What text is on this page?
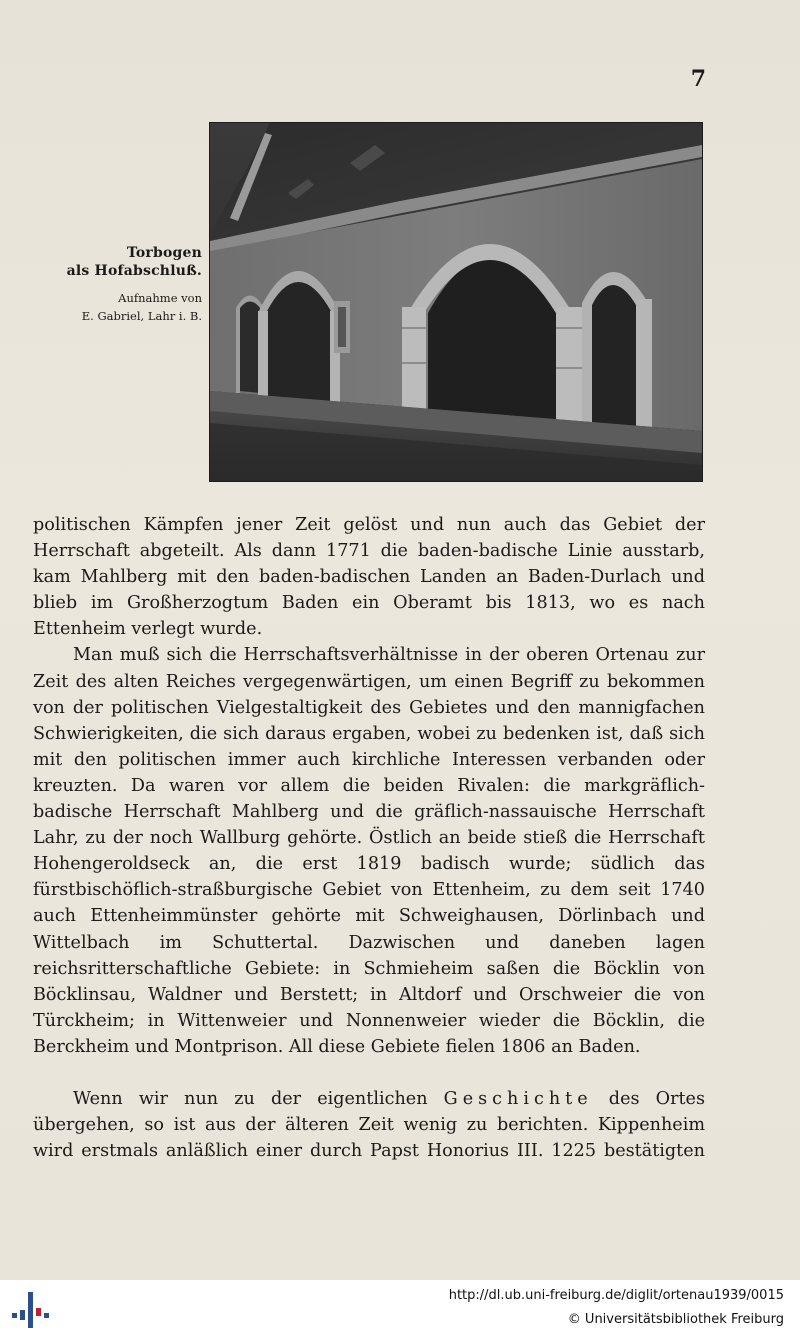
7
Torbogen
als Hofabschluß.
Aufnahme von
E. Gabriel, Lahr i. B.

politischen Kämpfen jener Zeit gelöst und nun auch das Gebiet der Herrschaft abgeteilt. Als dann 1771 die baden-badische Linie ausstarb, kam Mahlberg mit den baden-badischen Landen an Baden-Durlach und blieb im Großherzogtum Baden ein Oberamt bis 1813, wo es nach Ettenheim verlegt wurde.

Man muß sich die Herrschaftsverhältnisse in der oberen Ortenau zur Zeit des alten Reiches vergegenwärtigen, um einen Begriff zu bekommen von der politischen Vielgestaltigkeit des Gebietes und den mannigfachen Schwierigkeiten, die sich daraus ergaben, wobei zu bedenken ist, daß sich mit den politischen immer auch kirchliche Interessen verbanden oder kreuzten. Da waren vor allem die beiden Rivalen: die markgräflich-badische Herrschaft Mahlberg und die gräflich-nassauische Herrschaft Lahr, zu der noch Wallburg gehörte. Östlich an beide stieß die Herrschaft Hohengeroldseck an, die erst 1819 badisch wurde; südlich das fürstbischöflich-straßburgische Gebiet von Ettenheim, zu dem seit 1740 auch Ettenheimmünster gehörte mit Schweighausen, Dörlinbach und Wittelbach im Schuttertal. Dazwischen und daneben lagen reichsritterschaftliche Gebiete: in Schmieheim saßen die Böcklin von Böcklinsau, Waldner und Berstett; in Altdorf und Orschweier die von Türckheim; in Wittenweier und Nonnenweier wieder die Böcklin, die Berckheim und Montprison. All diese Gebiete fielen 1806 an Baden.

Wenn wir nun zu der eigentlichen Geschichte des Ortes übergehen, so ist aus der älteren Zeit wenig zu berichten. Kippenheim wird erstmals anläßlich einer durch Papst Honorius III. 1225 bestätigten

http://dl.ub.uni-freiburg.de/diglit/ortenau1939/0015
© Universitätsbibliothek Freiburg
